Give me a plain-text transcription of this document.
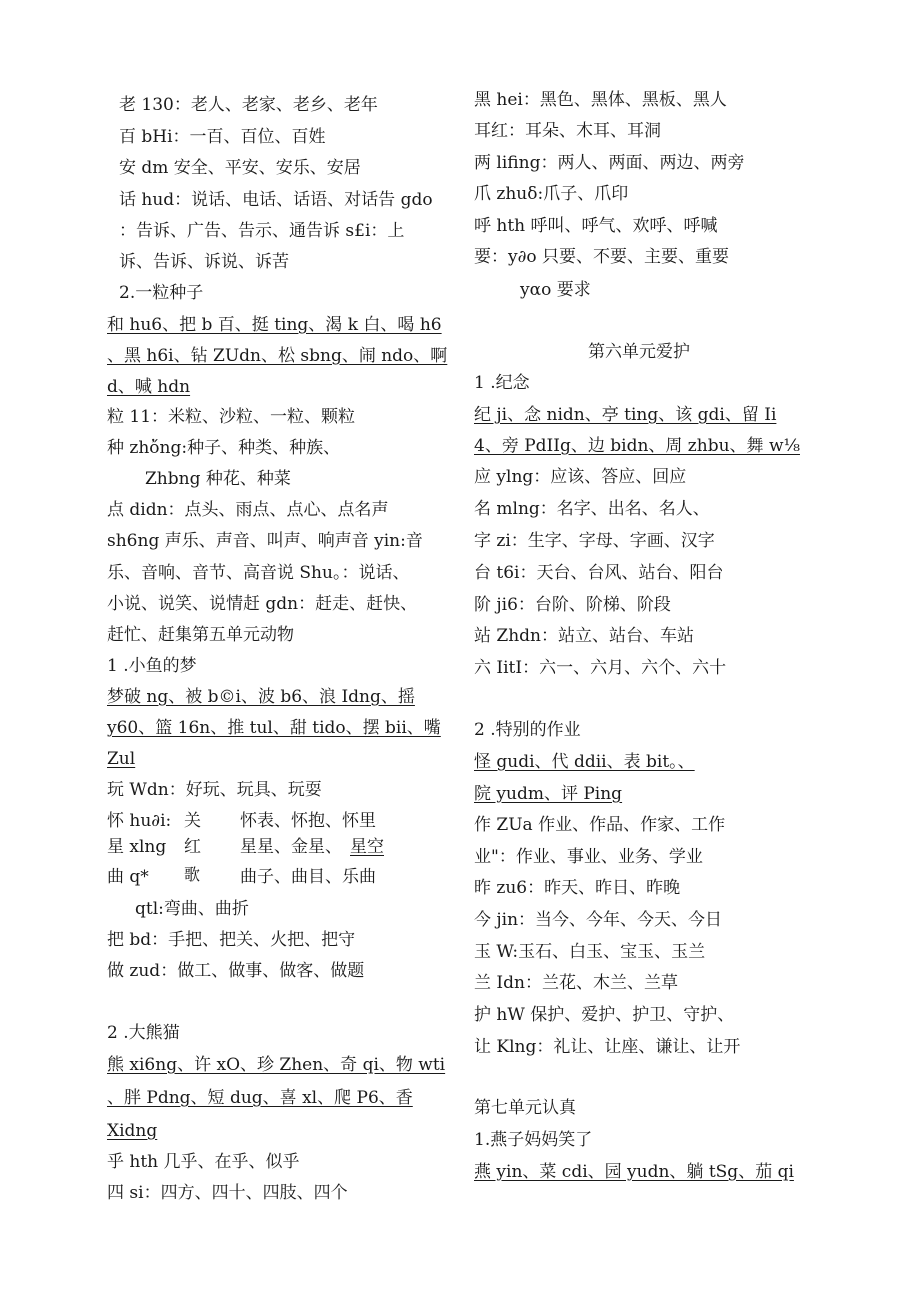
老 130：老人、老家、老乡、老年
百 bHi：一百、百位、百姓
安 dm 安全、平安、安乐、安居
话 hud：说话、电话、话语、对话告 gdo
：告诉、广告、告示、通告诉 s£i：上
诉、告诉、诉说、诉苦
2.一粒种子
和 hu6、把 b 百、挺 ting、渴 k 白、喝 h6
、黑 h6i、钻 ZUdn、松 sbng、闹 ndo、啊
d、喊 hdn
粒 11：米粒、沙粒、一粒、颗粒
种 zhὄng:种子、种类、种族、
Zhbng 种花、种菜
点 didn：点头、雨点、点心、点名声
sh6ng 声乐、声音、叫声、响声音 yin:音
乐、音响、音节、高音说 Shu。：说话、
小说、说笑、说情赶 gdn：赶走、赶快、
赶忙、赶集第五单元动物
1 .小鱼的梦
梦破 ng、被 b©i、波 b6、浪 Idng、摇
y60、篮 16n、推 tul、甜 tido、摆 bii、嘴
Zul
玩 Wdn：好玩、玩具、玩耍
怀 hu∂i: 关 怀表、怀抱、怀里
星 xlng 红 星星、金星、 星空
曲 q* 歌 曲子、曲目、乐曲
qtl:弯曲、曲折
把 bd：手把、把关、火把、把守
做 zud：做工、做事、做客、做题
2 .大熊猫
熊 xi6ng、许 xO、珍 Zhen、奇 qi、物 wti
、胖 Pdng、短 dug、喜 xl、爬 P6、香
Xidng
乎 hth 几乎、在乎、似乎
四 si：四方、四十、四肢、四个
黑 hei：黑色、黑体、黑板、黑人
耳红：耳朵、木耳、耳洞
两 lifing：两人、两面、两边、两旁
爪 zhuδ:爪子、爪印
呼 hth 呼叫、呼气、欢呼、呼喊
要：y∂o 只要、不要、主要、重要
yαo 要求
第六单元爱护
1 .纪念
纪 ji、念 nidn、亭 ting、该 gdi、留 Ii
4、旁 PdIIg、边 bidn、周 zhbu、舞 w⅛
应 ylng：应该、答应、回应
名 mlng：名字、出名、名人、
字 zi：生字、字母、字画、汉字
台 t6i：天台、台风、站台、阳台
阶 ji6：台阶、阶梯、阶段
站 Zhdn：站立、站台、车站
六 IitI：六一、六月、六个、六十
2 .特别的作业
怪 gudi、代 ddii、表 bit。、
院 yudm、评 Ping
作 ZUa 作业、作品、作家、工作
业"：作业、事业、业务、学业
昨 zu6：昨天、昨日、昨晚
今 jin：当今、今年、今天、今日
玉 W:玉石、白玉、宝玉、玉兰
兰 Idn：兰花、木兰、兰草
护 hW 保护、爱护、护卫、守护、
让 Klng：礼让、让座、谦让、让开
第七单元认真
1.燕子妈妈笑了
燕 yin、菜 cdi、园 yudn、躺 tSg、茄 qi
